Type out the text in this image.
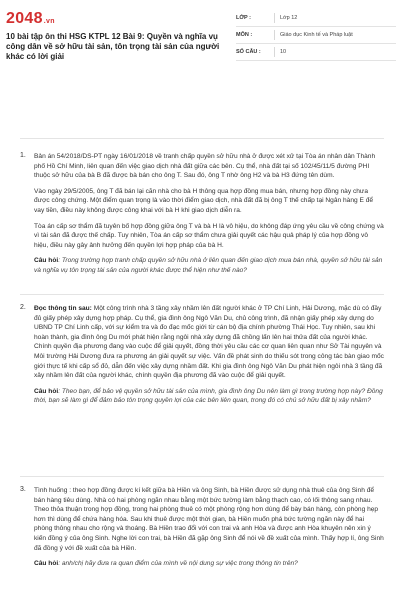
2048.vn
10 bài tập ôn thi HSG KTPL 12 Bài 9: Quyền và nghĩa vụ công dân về sở hữu tài sản, tôn trọng tài sản của người khác có lời giải
LỚP :	Lớp 12
MÔN :	Giáo dục Kinh tế và Pháp luật
SỐ CÂU :	10
1. Bản án 54/2018/DS-PT ngày 16/01/2018 về tranh chấp quyền sở hữu nhà ở được xét xử tại Tòa án nhân dân Thành phố Hồ Chí Minh, liên quan đến việc giao dịch nhà đất giữa các bên. Cụ thể, nhà đất tại số 102/45/11/5 đường PHI thuộc sở hữu của bà B đã được bà bán cho ông T. Sau đó, ông T nhờ ông H2 và bà H3 đứng tên dùm.

Vào ngày 29/5/2005, ông T đã bán lại căn nhà cho bà H thông qua hợp đồng mua bán, nhưng hợp đồng này chưa được công chứng. Một điểm quan trọng là vào thời điểm giao dịch, nhà đất đã bị ông T thế chấp tại Ngân hàng E để vay tiền, điều này không được công khai với bà H khi giao dịch diễn ra.

Tòa án cấp sơ thẩm đã tuyên bố hợp đồng giữa ông T và bà H là vô hiệu, do không đáp ứng yêu cầu về công chứng và vì tài sản đã được thế chấp. Tuy nhiên, Tòa án cấp sơ thẩm chưa giải quyết các hậu quả pháp lý của hợp đồng vô hiệu, điều này gây ảnh hưởng đến quyền lợi hợp pháp của bà H.

Câu hỏi: Trong trường hợp tranh chấp quyền sở hữu nhà ở liên quan đến giao dịch mua bán nhà, quyền sở hữu tài sản và nghĩa vụ tôn trọng tài sản của người khác được thể hiện như thế nào?

2. Đọc thông tin sau: Một công trình nhà 3 tầng xây nhầm lên đất người khác ở TP Chí Linh, Hải Dương, mặc dù có đầy đủ giấy phép xây dựng hợp pháp. Cụ thể, gia đình ông Ngô Văn Du, chủ công trình, đã nhận giấy phép xây dựng do UBND TP Chí Linh cấp, với sự kiểm tra và đo đạc mốc giới từ cán bộ địa chính phường Thái Học. Tuy nhiên, sau khi hoàn thành, gia đình ông Du mới phát hiện rằng ngôi nhà xây dựng đã chồng lấn lên hai thửa đất của người khác. Chính quyền địa phương đang vào cuộc để giải quyết, đồng thời yêu cầu các cơ quan liên quan như Sở Tài nguyên và Môi trường Hải Dương đưa ra phương án giải quyết sự việc. Vấn đề phát sinh do thiếu sót trong công tác bàn giao mốc giới thực tế khi cấp sổ đỏ, dẫn đến việc xây dựng nhầm đất. Khi gia đình ông Ngô Văn Du phát hiện ngôi nhà 3 tầng đã xây nhầm lên đất của người khác, chính quyền địa phương đã vào cuộc để giải quyết.

Câu hỏi: Theo bạn, để bảo vệ quyền sở hữu tài sản của mình, gia đình ông Du nên làm gì trong trường hợp này? Đồng thời, bạn sẽ làm gì để đảm bảo tôn trọng quyền lợi của các bên liên quan, trong đó có chủ sở hữu đất bị xây nhầm?

3. Tình huống : theo hợp đồng được kí kết giữa bà Hiền và ông Sinh, bà Hiền được sử dụng nhà thuê của ông Sinh để bán hàng tiêu dùng. Nhà có hai phòng ngăn nhau bằng một bức tường làm bằng thạch cao, có lối thông sang nhau. Theo thỏa thuận trong hợp đồng, trong hai phòng thuê có một phòng rộng hơn dùng để bày bán hàng, còn phòng hẹp hơn thì dùng để chứa hàng hóa. Sau khi thuê được một thời gian, bà Hiền muốn phá bức tường ngăn này để hai phòng thông nhau cho rộng và thoáng. Bà Hiền trao đổi với con trai và anh Hòa và được anh Hòa khuyên nên xin ý kiến đồng ý của ông Sinh. Nghe lời con trai, bà Hiền đã gặp ông Sinh để nói về đề xuất của mình. Thấy hợp lí, ông Sinh đã đồng ý với đề xuất của bà Hiền.

Câu hỏi: anh/chị hãy đưa ra quan điểm của mình về nội dung sự việc trong thông tin trên?
